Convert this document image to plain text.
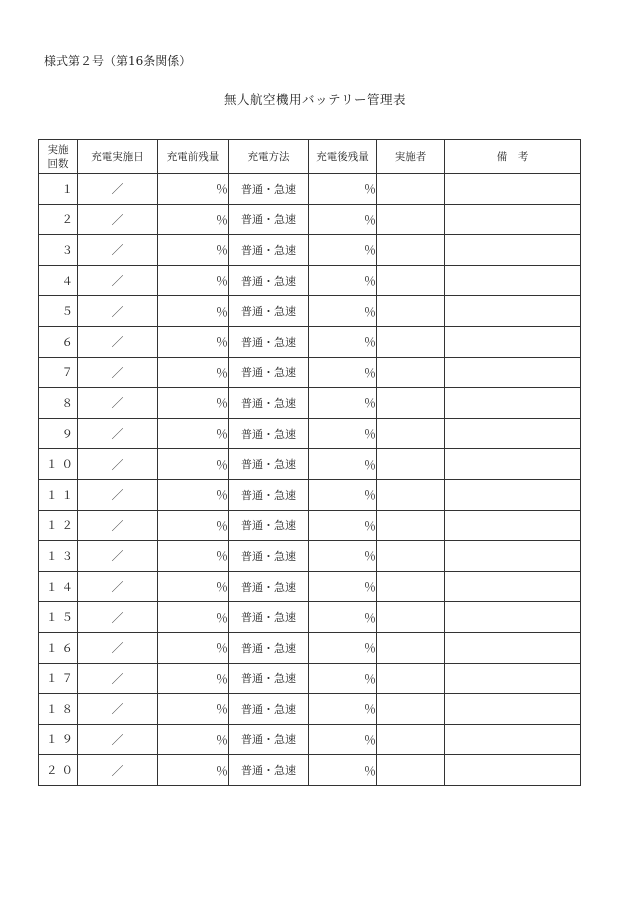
様式第２号（第16条関係）
無人航空機用バッテリー管理表
実施
回数	充電実施日	充電前残量	充電方法	充電後残量	実施者	備　考
１	／	％	普通・急速	％		
２	／	％	普通・急速	％		
３	／	％	普通・急速	％		
４	／	％	普通・急速	％		
５	／	％	普通・急速	％		
６	／	％	普通・急速	％		
７	／	％	普通・急速	％		
８	／	％	普通・急速	％		
９	／	％	普通・急速	％		
１０	／	％	普通・急速	％		
１１	／	％	普通・急速	％		
１２	／	％	普通・急速	％		
１３	／	％	普通・急速	％		
１４	／	％	普通・急速	％		
１５	／	％	普通・急速	％		
１６	／	％	普通・急速	％		
１７	／	％	普通・急速	％		
１８	／	％	普通・急速	％		
１９	／	％	普通・急速	％		
２０	／	％	普通・急速	％		
